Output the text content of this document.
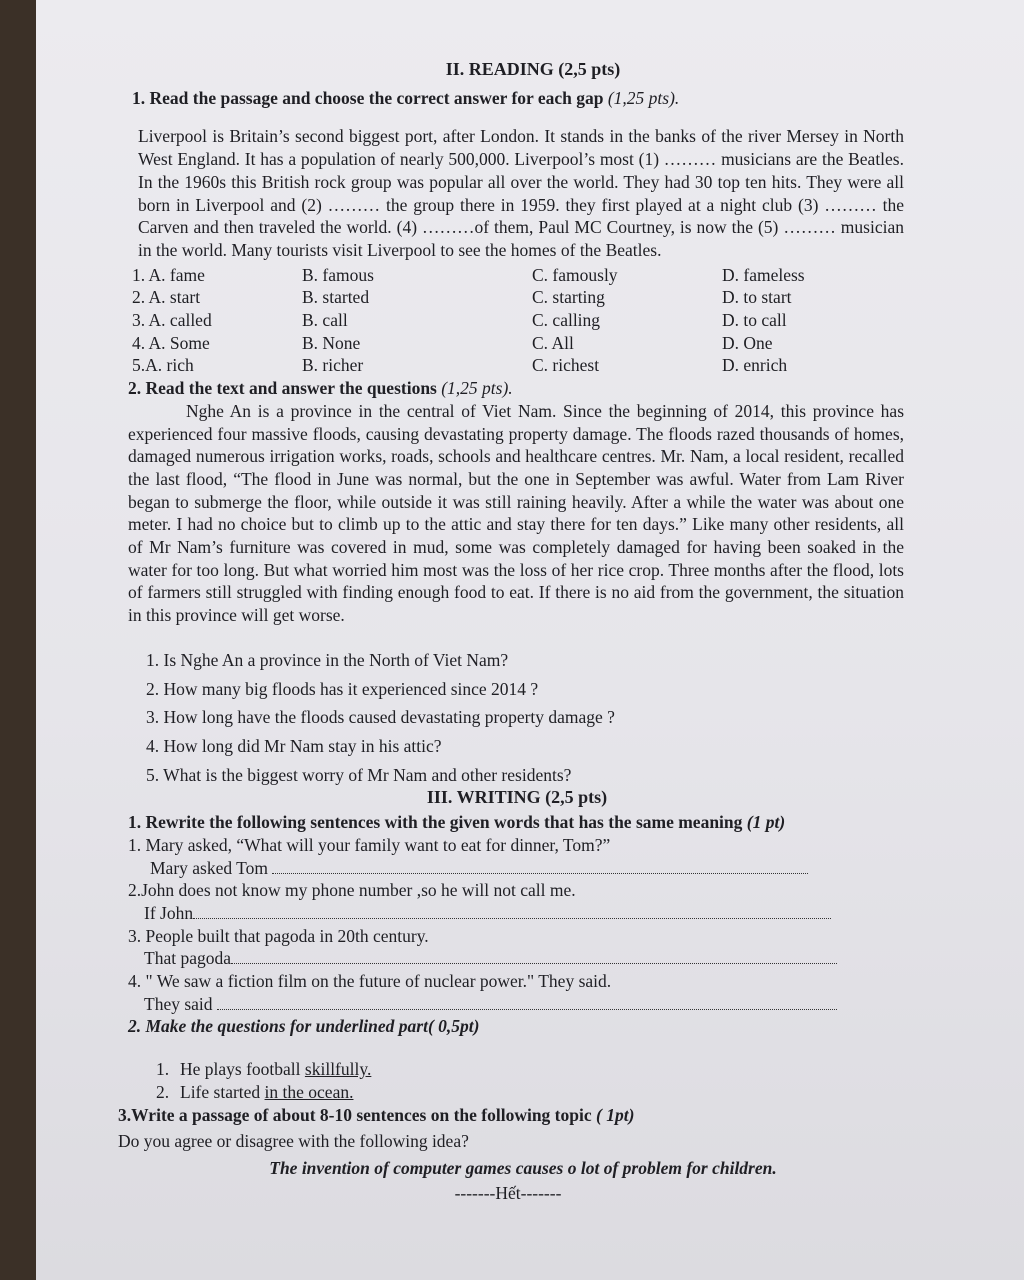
II. READING (2,5 pts)

1. Read the passage and choose the correct answer for each gap (1,25 pts).

Liverpool is Britain’s second biggest port, after London. It stands in the banks of the river Mersey in North West England. It has a population of nearly 500,000. Liverpool’s most (1) ……… musicians are the Beatles. In the 1960s this British rock group was popular all over the world. They had 30 top ten hits. They were all born in Liverpool and (2) ……… the group there in 1959. they first played at a night club (3) ……… the Carven and then traveled the world. (4) ………of them, Paul MC Courtney, is now the (5) ……… musician in the world. Many tourists visit Liverpool to see the homes of the Beatles.

1. A. fame	B. famous	C. famously	D. fameless
2. A. start	B. started	C. starting	D. to start
3. A. called	B. call	C. calling	D. to call
4. A. Some	B. None	C. All	D. One
5.A. rich	B. richer	C. richest	D. enrich

2. Read the text and answer the questions (1,25 pts).

Nghe An is a province in the central of Viet Nam. Since the beginning of 2014, this province has experienced four massive floods, causing devastating property damage. The floods razed thousands of homes, damaged numerous irrigation works, roads, schools and healthcare centres. Mr. Nam, a local resident, recalled the last flood, “The flood in June was normal, but the one in September was awful. Water from Lam River began to submerge the floor, while outside it was still raining heavily. After a while the water was about one meter. I had no choice but to climb up to the attic and stay there for ten days.” Like many other residents, all of Mr Nam’s furniture was covered in mud, some was completely damaged for having been soaked in the water for too long. But what worried him most was the loss of her rice crop. Three months after the flood, lots of farmers still struggled with finding enough food to eat. If there is no aid from the government, the situation in this province will get worse.

1. Is Nghe An a province in the North of Viet Nam?
2. How many big floods has it experienced since 2014 ?
3. How long have the floods caused devastating property damage ?
4. How long did Mr Nam stay in his attic?
5. What is the biggest worry of Mr Nam and other residents?

III. WRITING (2,5 pts)

1. Rewrite the following sentences with the given words that has the same meaning (1 pt)

1. Mary asked, “What will your family want to eat for dinner, Tom?”

Mary asked Tom

2.John does not know my phone number ,so he will not call me.

If John

3. People built that pagoda in 20th century.

That pagoda

4. " We saw a fiction film on the future of nuclear power." They said.

They said

2. Make the questions for underlined part( 0,5pt)

1. He plays football skillfully.

2. Life started in the ocean.

3.Write a passage of about 8-10 sentences on the following topic ( 1pt)

Do you agree or disagree with the following idea?

The invention of computer games causes o lot of problem for children.

-------Hết-------
